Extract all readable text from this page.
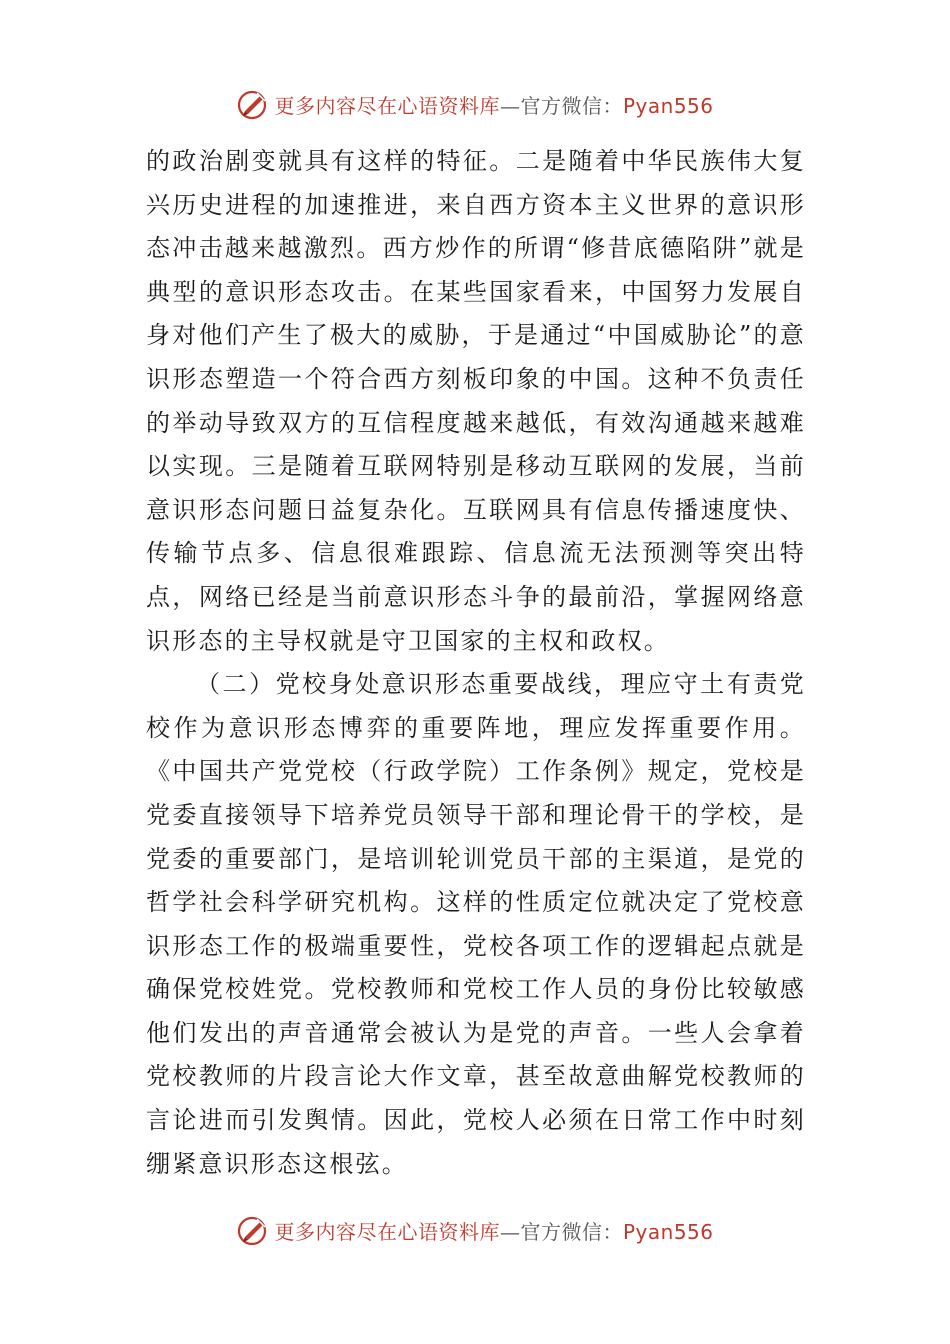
更多内容尽在心语资料库—官方微信：Pyan556

的政治剧变就具有这样的特征。二是随着中华民族伟大复兴历史进程的加速推进，来自西方资本主义世界的意识形态冲击越来越激烈。西方炒作的所谓“修昔底德陷阱”就是典型的意识形态攻击。在某些国家看来，中国努力发展自身对他们产生了极大的威胁，于是通过“中国威胁论”的意识形态塑造一个符合西方刻板印象的中国。这种不负责任的举动导致双方的互信程度越来越低，有效沟通越来越难以实现。三是随着互联网特别是移动互联网的发展，当前意识形态问题日益复杂化。互联网具有信息传播速度快、传输节点多、信息很难跟踪、信息流无法预测等突出特点，网络已经是当前意识形态斗争的最前沿，掌握网络意识形态的主导权就是守卫国家的主权和政权。

（二）党校身处意识形态重要战线，理应守土有责党校作为意识形态博弈的重要阵地，理应发挥重要作用。《中国共产党党校（行政学院）工作条例》规定，党校是党委直接领导下培养党员领导干部和理论骨干的学校，是党委的重要部门，是培训轮训党员干部的主渠道，是党的哲学社会科学研究机构。这样的性质定位就决定了党校意识形态工作的极端重要性，党校各项工作的逻辑起点就是确保党校姓党。党校教师和党校工作人员的身份比较敏感他们发出的声音通常会被认为是党的声音。一些人会拿着党校教师的片段言论大作文章，甚至故意曲解党校教师的言论进而引发舆情。因此，党校人必须在日常工作中时刻绷紧意识形态这根弦。

更多内容尽在心语资料库—官方微信：Pyan556
